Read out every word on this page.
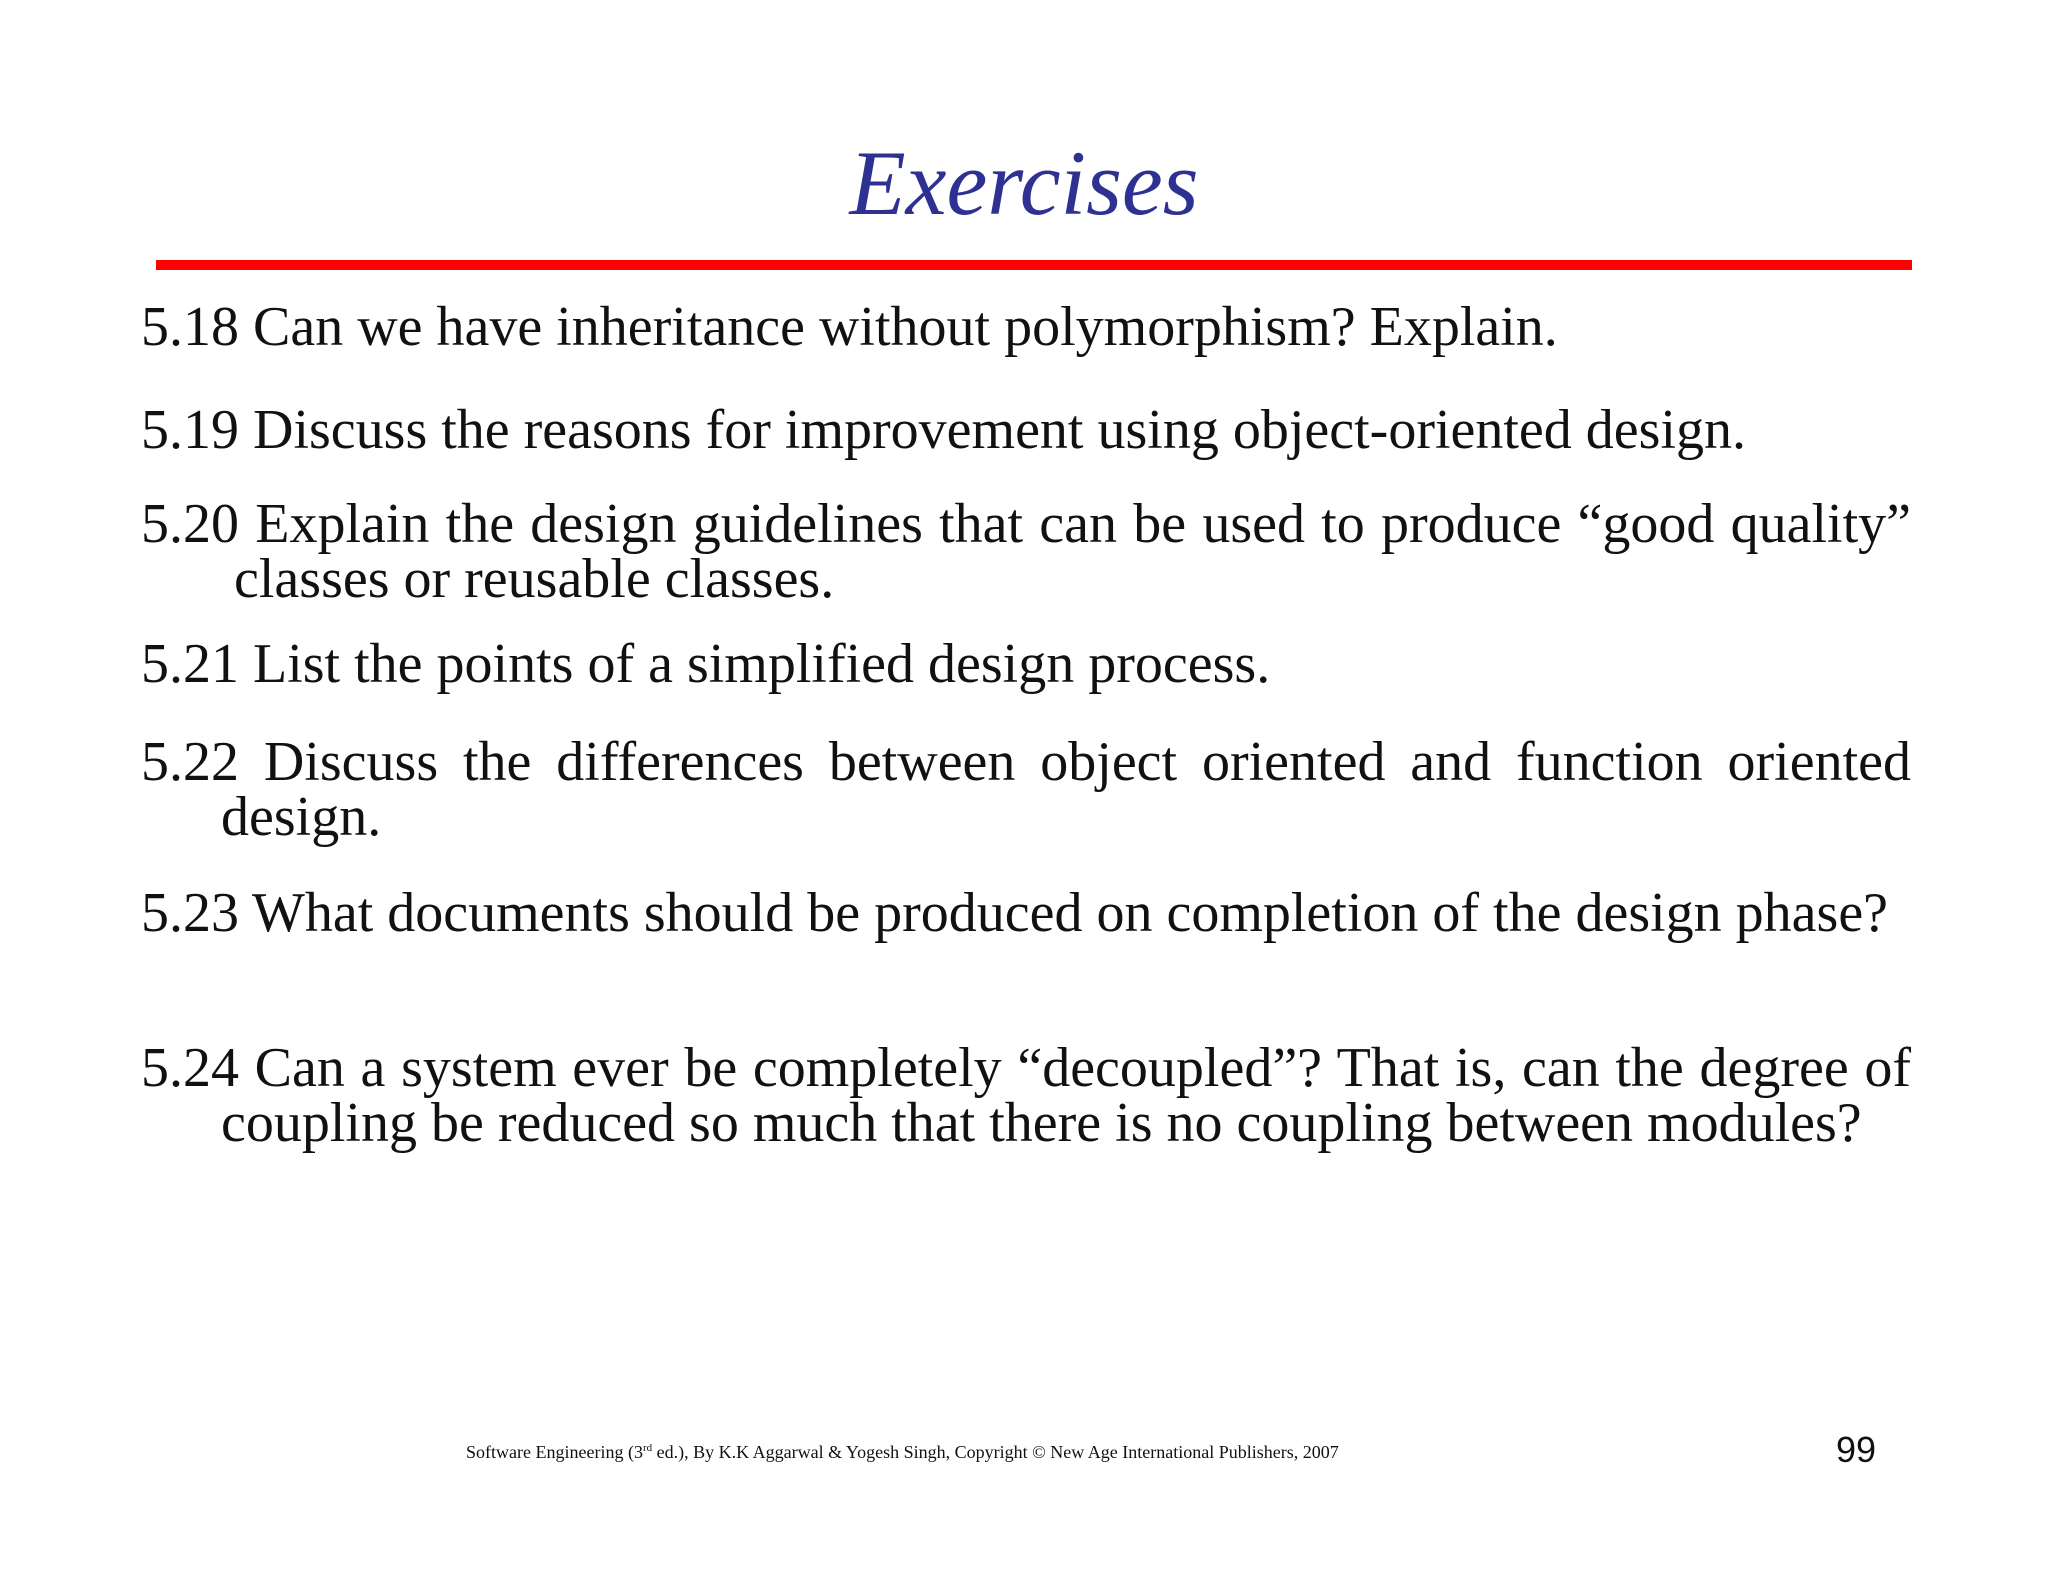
Exercises

5.18 Can we have inheritance without polymorphism? Explain.

5.19 Discuss the reasons for improvement using object-oriented design.

5.20 Explain the design guidelines that can be used to produce “good quality” classes or reusable classes.

5.21 List the points of a simplified design process.

5.22 Discuss the differences between object oriented and function oriented design.

5.23 What documents should be produced on completion of the design phase?

5.24 Can a system ever be completely “decoupled”? That is, can the degree of coupling be reduced so much that there is no coupling between modules?

Software Engineering (3rd ed.), By K.K Aggarwal & Yogesh Singh, Copyright © New Age International Publishers, 2007	99
